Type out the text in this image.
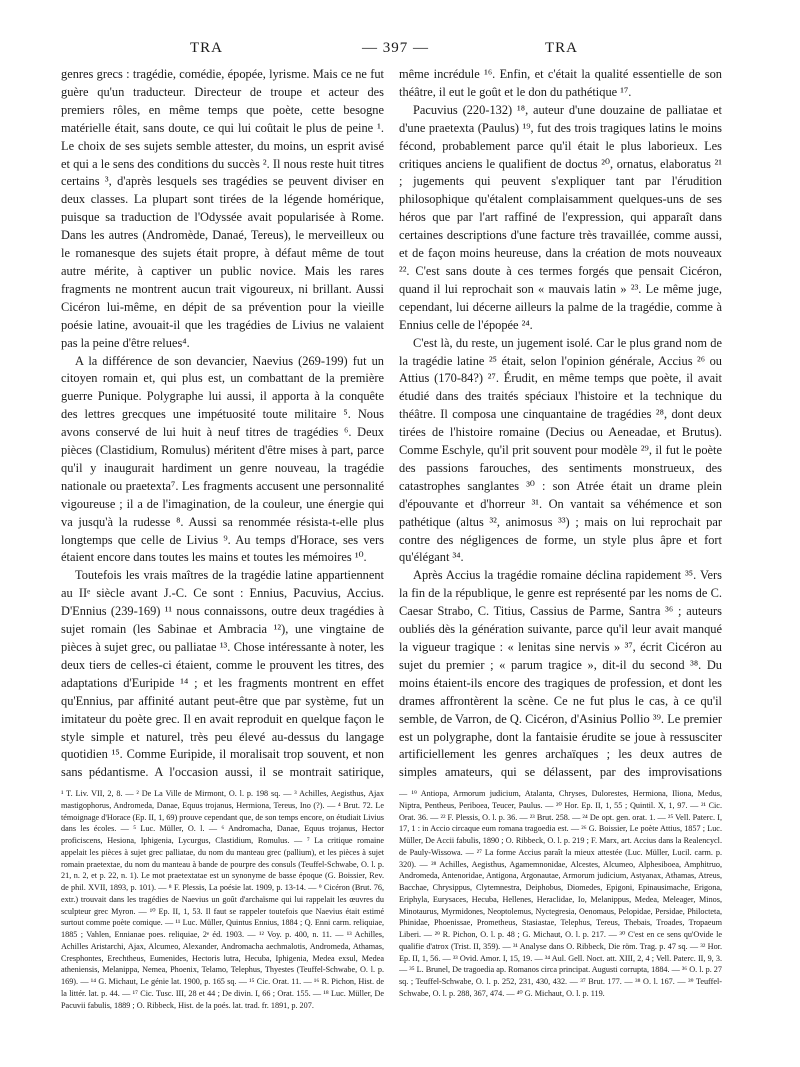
TRA	— 397 —	TRA

genres grecs : tragédie, comédie, épopée, lyrisme. Mais ce ne fut guère qu'un traducteur. Directeur de troupe et acteur des premiers rôles, en même temps que poète, cette besogne matérielle était, sans doute, ce qui lui coûtait le plus de peine ¹. Le choix de ses sujets semble attester, du moins, un esprit avisé et qui a le sens des conditions du succès ². Il nous reste huit titres certains ³, d'après lesquels ses tragédies se peuvent diviser en deux classes. La plupart sont tirées de la légende homérique, puisque sa traduction de l'Odyssée avait popularisée à Rome. Dans les autres (Andromède, Danaé, Tereus), le merveilleux ou le romanesque des sujets était propre, à défaut même de tout autre mérite, à captiver un public novice. Mais les rares fragments ne montrent aucun trait vigoureux, ni brillant. Aussi Cicéron lui-même, en dépit de sa prévention pour la vieille poésie latine, avouait-il que les tragédies de Livius ne valaient pas la peine d'être relues⁴.

A la différence de son devancier, Naevius (269-199) fut un citoyen romain et, qui plus est, un combattant de la première guerre Punique. Polygraphe lui aussi, il apporta à la conquête des lettres grecques une impétuosité toute militaire ⁵. Nous avons conservé de lui huit à neuf titres de tragédies ⁶. Deux pièces (Clastidium, Romulus) méritent d'être mises à part, parce qu'il y inaugurait hardiment un genre nouveau, la tragédie nationale ou praetexta⁷. Les fragments accusent une personnalité vigoureuse ; il a de l'imagination, de la couleur, une énergie qui va jusqu'à la rudesse ⁸. Aussi sa renommée résista-t-elle plus longtemps que celle de Livius ⁹. Au temps d'Horace, ses vers étaient encore dans toutes les mains et toutes les mémoires ¹⁰.

Toutefois les vrais maîtres de la tragédie latine appartiennent au IIᵉ siècle avant J.-C. Ce sont : Ennius, Pacuvius, Accius. D'Ennius (239-169) ¹¹ nous connaissons, outre deux tragédies à sujet romain (les Sabinae et Ambracia ¹²), une vingtaine de pièces à sujet grec, ou palliatae ¹³. Chose intéressante à noter, les deux tiers de celles-ci étaient, comme le prouvent les titres, des adaptations d'Euripide ¹⁴ ; et les fragments montrent en effet qu'Ennius, par affinité autant peut-être que par système, fut un imitateur du poète grec. Il en avait reproduit en quelque façon le style simple et naturel, très peu élevé au-dessus du langage quotidien ¹⁵. Comme Euripide, il moralisait trop souvent, et non sans pédantisme. A l'occasion aussi, il se montrait satirique,

même incrédule ¹⁶. Enfin, et c'était la qualité essentielle de son théâtre, il eut le goût et le don du pathétique ¹⁷.

Pacuvius (220-132) ¹⁸, auteur d'une douzaine de palliatae et d'une praetexta (Paulus) ¹⁹, fut des trois tragiques latins le moins fécond, probablement parce qu'il était le plus laborieux. Les critiques anciens le qualifient de doctus ²⁰, ornatus, elaboratus ²¹ ; jugements qui peuvent s'expliquer tant par l'érudition philosophique qu'étalent complaisamment quelques-uns de ses héros que par l'art raffiné de l'expression, qui apparaît dans certaines descriptions d'une facture très travaillée, comme aussi, et de façon moins heureuse, dans la création de mots nouveaux ²². C'est sans doute à ces termes forgés que pensait Cicéron, quand il lui reprochait son « mauvais latin » ²³. Le même juge, cependant, lui décerne ailleurs la palme de la tragédie, comme à Ennius celle de l'épopée ²⁴.

C'est là, du reste, un jugement isolé. Car le plus grand nom de la tragédie latine ²⁵ était, selon l'opinion générale, Accius ²⁶ ou Attius (170-84?) ²⁷. Érudit, en même temps que poète, il avait étudié dans des traités spéciaux l'histoire et la technique du théâtre. Il composa une cinquantaine de tragédies ²⁸, dont deux tirées de l'histoire romaine (Decius ou Aeneadae, et Brutus). Comme Eschyle, qu'il prit souvent pour modèle ²⁹, il fut le poète des passions farouches, des sentiments monstrueux, des catastrophes sanglantes ³⁰ : son Atrée était un drame plein d'épouvante et d'horreur ³¹. On vantait sa véhémence et son pathétique (altus ³², animosus ³³) ; mais on lui reprochait par contre des négligences de forme, un style plus âpre et fort qu'élégant ³⁴.

Après Accius la tragédie romaine déclina rapidement ³⁵. Vers la fin de la république, le genre est représenté par les noms de C. Caesar Strabo, C. Titius, Cassius de Parme, Santra ³⁶ ; auteurs oubliés dès la génération suivante, parce qu'il leur avait manqué la vigueur tragique : « lenitas sine nervis » ³⁷, écrit Cicéron au sujet du premier ; « parum tragice », dit-il du second ³⁸. Du moins étaient-ils encore des tragiques de profession, et dont les drames affrontèrent la scène. Ce ne fut plus le cas, à ce qu'il semble, de Varron, de Q. Cicéron, d'Asinius Pollio ³⁹. Le premier est un polygraphe, dont la fantaisie érudite se joue à ressusciter artificiellement les genres archaïques ; les deux autres de simples amateurs, qui se délassent, par des improvisations

¹ T. Liv. VII, 2, 8. — ² De La Ville de Mirmont, O. l. p. 198 sq. — ³ Achilles, Aegisthus, Ajax mastigophorus, Andromeda, Danae, Equus trojanus, Hermiona, Tereus, Ino (?). — ⁴ Brut. 72. Le témoignage d'Horace (Ep. II, 1, 69) prouve cependant que, de son temps encore, on étudiait Livius dans les écoles. — ⁵ Luc. Müller, O. l. — ⁶ Andromacha, Danae, Equus trojanus, Hector proficiscens, Hesiona, Iphigenia, Lycurgus, Clastidium, Romulus. — ⁷ La critique romaine appelait les pièces à sujet grec palliatae, du nom du manteau grec (pallium), et les pièces à sujet romain praetextae, du nom du manteau à bande de pourpre des consuls (Teuffel-Schwabe, O. l. p. 21, n. 2, et p. 22, n. 1). Le mot praetextatae est un synonyme de basse époque (G. Boissier, Rev. de phil. XVII, 1893, p. 101). — ⁸ F. Plessis, La poésie lat. 1909, p. 13-14. — ⁹ Cicéron (Brut. 76, extr.) trouvait dans les tragédies de Naevius un goût d'archaïsme qui lui rappelait les œuvres du sculpteur grec Myron. — ¹⁰ Ep. II, 1, 53. Il faut se rappeler toutefois que Naevius était estimé surtout comme poète comique. — ¹¹ Luc. Müller, Quintus Ennius, 1884 ; Q. Enni carm. reliquiae, 1885 ; Vahlen, Ennianae poes. reliquiae, 2ᵉ éd. 1903. — ¹² Voy. p. 400, n. 11. — ¹³ Achilles, Achilles Aristarchi, Ajax, Alcumeo, Alexander, Andromacha aechmalotis, Andromeda, Athamas, Cresphontes, Erechtheus, Eumenides, Hectoris lutra, Hecuba, Iphigenia, Medea exsul, Medea atheniensis, Melanippa, Nemea, Phoenix, Telamo, Telephus, Thyestes (Teuffel-Schwabe, O. l. p. 169). — ¹⁴ G. Michaut, Le génie lat. 1900, p. 165 sq. — ¹⁵ Cic. Orat. 11. — ¹⁶ R. Pichon, Hist. de la littér. lat. p. 44. — ¹⁷ Cic. Tusc. III, 28 et 44 ; De divin. I, 66 ; Orat. 155. — ¹⁸ Luc. Müller, De Pacuvii fabulis, 1889 ; O. Ribbeck, Hist. de la poés. lat. trad. fr. 1891, p. 207.

— ¹⁹ Antiopa, Armorum judicium, Atalanta, Chryses, Dulorestes, Hermiona, Iliona, Medus, Niptra, Pentheus, Periboea, Teucer, Paulus. — ²⁰ Hor. Ep. II, 1, 55 ; Quintil. X, 1, 97. — ²¹ Cic. Orat. 36. — ²² F. Plessis, O. l. p. 36. — ²³ Brut. 258. — ²⁴ De opt. gen. orat. 1. — ²⁵ Vell. Paterc. I, 17, 1 : in Accio circaque eum romana tragoedia est. — ²⁶ G. Boissier, Le poète Attius, 1857 ; Luc. Müller, De Accii fabulis, 1890 ; O. Ribbeck, O. l. p. 219 ; F. Marx, art. Accius dans la Realencycl. de Pauly-Wissowa. — ²⁷ La forme Accius paraît la mieux attestée (Luc. Müller, Lucil. carm. p. 320). — ²⁸ Achilles, Aegisthus, Agamemnonidae, Alcestes, Alcumeo, Alphesiboea, Amphitruo, Andromeda, Antenoridae, Antigona, Argonautae, Armorum judicium, Astyanax, Athamas, Atreus, Bacchae, Chrysippus, Clytemnestra, Deiphobus, Diomedes, Epigoni, Epinausimache, Erigona, Eriphyla, Eurysaces, Hecuba, Hellenes, Heraclidae, Io, Melanippus, Medea, Meleager, Minos, Minotaurus, Myrmidones, Neoptolemus, Nyctegresia, Oenomaus, Pelopidae, Persidae, Philocteta, Phinidae, Phoenissae, Prometheus, Stasiastae, Telephus, Tereus, Thebais, Troades, Tropaeum Liberi. — ²⁹ R. Pichon, O. l. p. 48 ; G. Michaut, O. l. p. 217. — ³⁰ C'est en ce sens qu'Ovide le qualifie d'atrox (Trist. II, 359). — ³¹ Analyse dans O. Ribbeck, Die röm. Trag. p. 47 sq. — ³² Hor. Ep. II, 1, 56. — ³³ Ovid. Amor. I, 15, 19. — ³⁴ Aul. Gell. Noct. att. XIII, 2, 4 ; Vell. Paterc. II, 9, 3. — ³⁵ L. Brunel, De tragoedia ap. Romanos circa principat. Augusti corrupta, 1884. — ³⁶ O. l. p. 27 sq. ; Teuffel-Schwabe, O. l. p. 252, 231, 430, 432. — ³⁷ Brut. 177. — ³⁸ O. l. 167. — ³⁹ Teuffel-Schwabe, O. l. p. 288, 367, 474. — ⁴⁰ G. Michaut, O. l. p. 119.
